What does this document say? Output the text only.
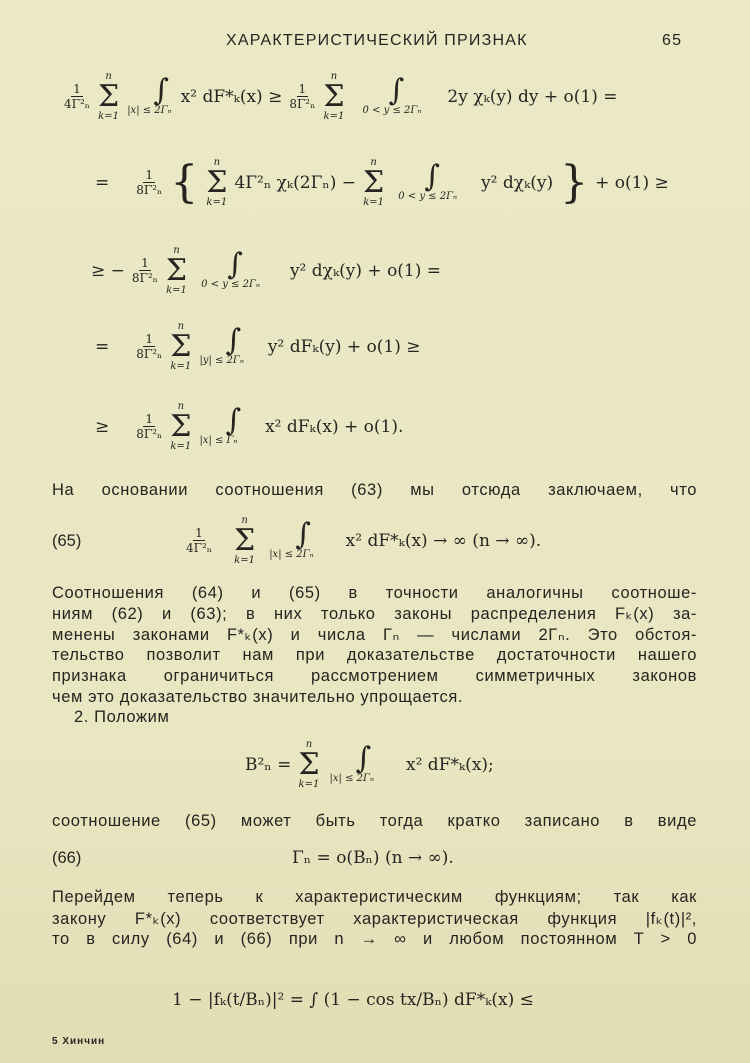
ХАРАКТЕРИСТИЧЕСКИЙ ПРИЗНАК	65
$\frac{1}{\text{4Γ²ₙ}}$
n
Σ
k=1
∫
|x| ≤ 2Γₙ
x² $dF*_k(x) \ge \frac{1}{\text{8Γ²ₙ}}$
n
Σ
k=1
∫
0 < y ≤ 2Γₙ
2y χₖ(y) dy + o(1) =
= $\frac{1}{\text{8Γ²ₙ}}$ { n
Σ
k=1
4Γ²ₙ χₖ(2Γₙ) −
n
Σ
k=1
∫
0 < y ≤ 2Γₙ
y² dχₖ(y) } + o(1) ≥
≥ − $\frac{1}{\text{8Γ²ₙ}}$
n
Σ
k=1
∫
0 < y ≤ 2Γₙ
y² dχₖ(y) + o(1) =
= $\frac{1}{\text{8Γ²ₙ}}$
n
Σ
k=1
∫
|y| ≤ 2Γₙ
y² dFₖ(y) + o(1) ≥
≥ $\frac{1}{\text{8Γ²ₙ}}$
n
Σ
k=1
∫
|x| ≤ Γₙ
x² dFₖ(x) + o(1).
На основании соотношения (63) мы отсюда заключаем, что
(65)	$\frac{1}{\text{4Γ²ₙ}}$
n
Σ
k=1
∫
|x| ≤ 2Γₙ
x² dF*ₖ(x) → ∞ (n → ∞).
Соотношения (64) и (65) в точности аналогичны соотноше-
ниям (62) и (63); в них только законы распределения Fₖ(x) за-
менены законами F*ₖ(x) и числа Γₙ — числами 2Γₙ. Это обстоя-
тельство позволит нам при доказательстве достаточности нашего
признака ограничиться рассмотрением симметричных законов
чем это доказательство значительно упрощается.
2. Положим
B²ₙ =
n
Σ
k=1
∫
|x| ≤ 2Γₙ
x² dF*ₖ(x);
соотношение (65) может быть тогда кратко записано в виде
(66)	Γₙ = o(Bₙ) (n → ∞).
Перейдем теперь к характеристическим функциям; так как
закону F*ₖ(x) соответствует характеристическая функция |fₖ(t)|²,
то в силу (64) и (66) при n → ∞ и любом постоянном T > 0
1 − |fₖ(t/Bₙ)|² = ∫ (1 − cos tx/Bₙ) dF*ₖ(x) ≤
5 Хинчин
